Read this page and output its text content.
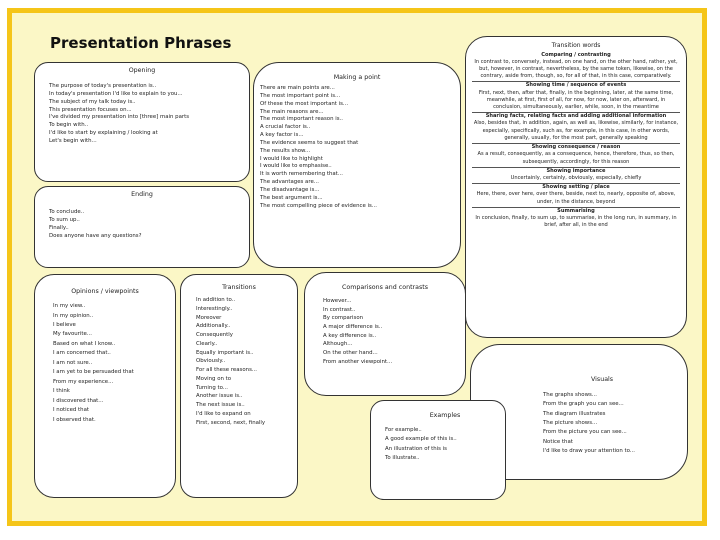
Presentation Phrases
Opening
The purpose of today's presentation is..
In today's presentation I'd like to explain to you...
The subject of my talk today is..
This presentation focuses on...
I've divided my presentation into [three] main parts
To begin with..
I'd like to start by explaining / looking at
Let's begin with...
Ending
To conclude..
To sum up..
Finally..
Does anyone have any questions?
Making a point
There are main points are...
The most important point is...
Of these the most important is...
The main reasons are...
The most important reason is..
A crucial factor is..
A key factor is...
The evidence seems to suggest that
The results show...
I would like to highlight
I would like to emphasise..
It is worth remembering that...
The advantages are...
The disadvantage is...
The best argument is...
The most compelling piece of evidence is...
Transition words
Comparing / contrasting

In contrast to, conversely, instead, on one hand, on the other hand, rather, yet, but, however, in contrast, nevertheless, by the same token, likewise, on the contrary, aside from, though, so, for all of that, in this case, comparatively.

Showing time / sequence of events

First, next, then, after that, finally, in the beginning, later, at the same time, meanwhile, at first, first of all, for now, for now, later on, afterward, in conclusion, simultaneously, earlier, while, soon, in the meantime

Sharing facts, relating facts and adding additional information

Also, besides that, in addition, again, as well as, likewise, similarly, for instance, especially, specifically, such as, for example, in this case, in other words, generally, usually, for the most part, generally speaking

Showing consequence / reason

As a result, consequently, as a consequence, hence, therefore, thus, so then, subsequently, accordingly, for this reason

Showing importance

Uncertainly, certainly, obviously, especially, chiefly

Showing setting / place

Here, there, over here, over there, beside, next to, nearly, opposite of, above, under, in the distance, beyond

Summarising

In conclusion, finally, to sum up, to summarise, in the long run, in summary, in brief, after all, in the end

Opinions / viewpoints
In my view..
In my opinion..
I believe
My favourite...
Based on what I know..
I am concerned that..
I am not sure..
I am yet to be persuaded that
From my experience...
I think
I discovered that...
I noticed that
I observed that.
Transitions
In addition to..
Interestingly..
Moreover
Additionally..
Consequently
Clearly..
Equally important is..
Obviously..
For all these reasons...
Moving on to
Turning to...
Another issue is..
The next issue is..
I'd like to expand on
First, second, next, finally
Comparisons and contrasts
However...
In contrast..
By comparison
A major difference is..
A key difference is..
Although...
On the other hand...
From another viewpoint...
Visuals
The graphs shows...
From the graph you can see...
The diagram illustrates
The picture shows...
From the picture you can see...
Notice that
I'd like to draw your attention to...
Examples
For example..
A good example of this is..
An illustration of this is
To illustrate..
